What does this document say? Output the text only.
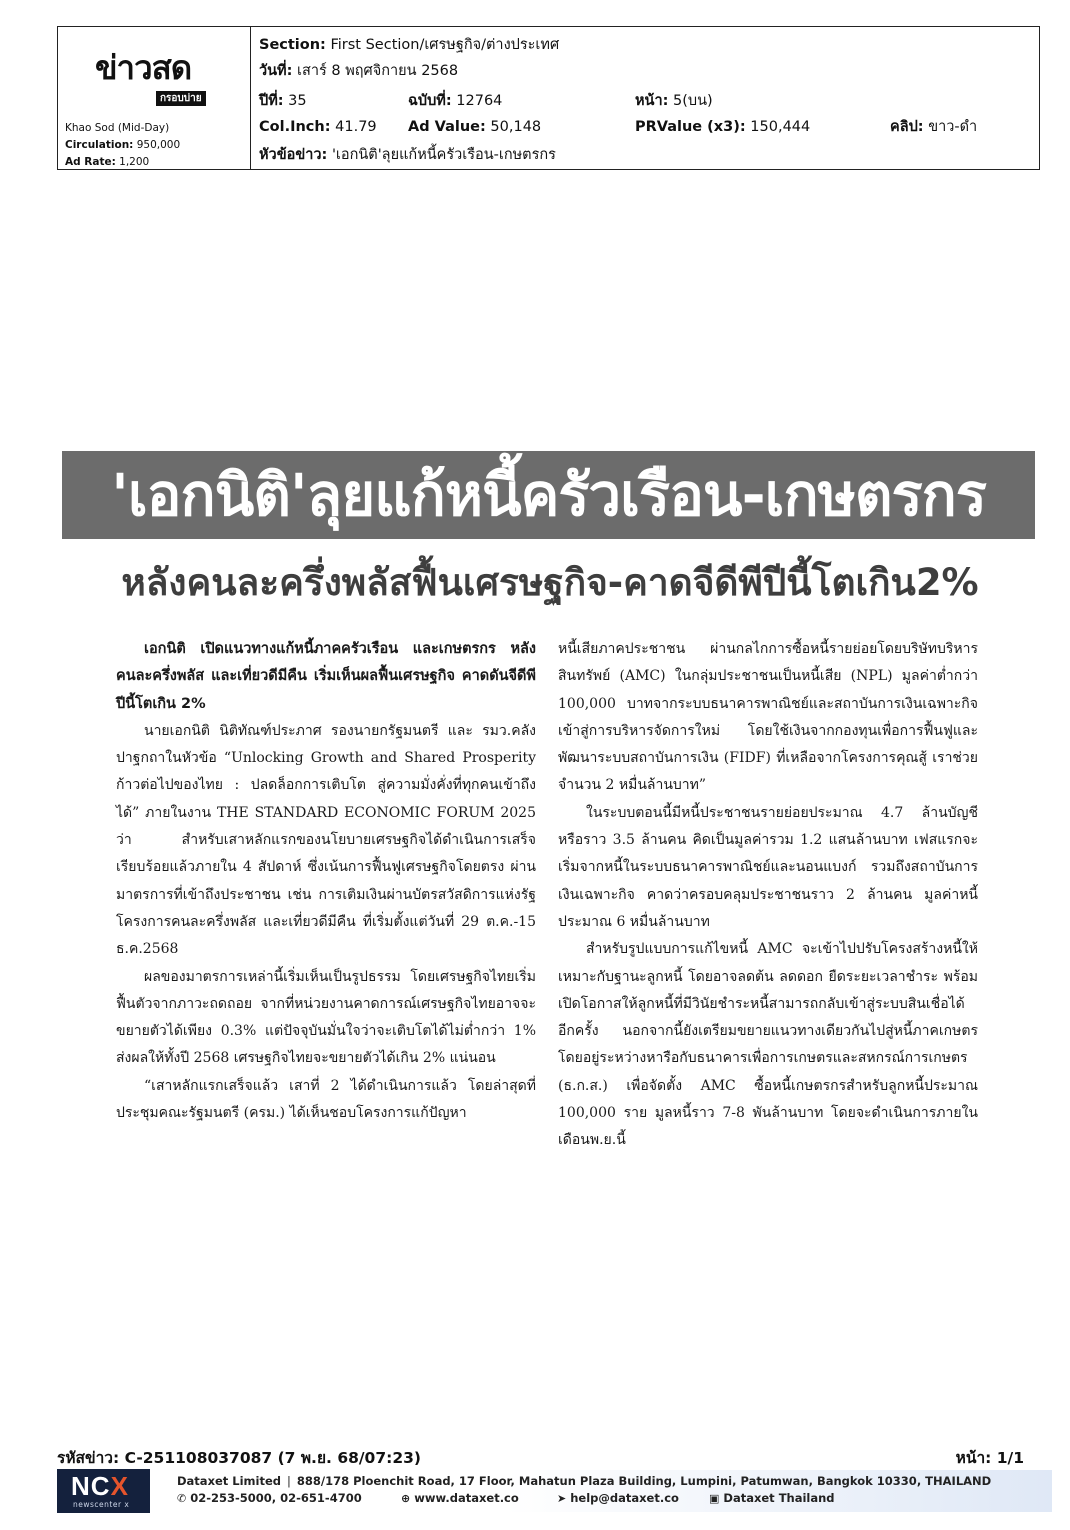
ข่าวสด
กรอบบ่าย
Khao Sod (Mid-Day)
Circulation: 950,000
Ad Rate: 1,200
Section: First Section/เศรษฐกิจ/ต่างประเทศ
วันที่: เสาร์ 8 พฤศจิกายน 2568
ปีที่: 35	ฉบับที่: 12764	หน้า: 5(บน)
Col.Inch: 41.79 Ad Value: 50,148	PRValue (x3): 150,444	คลิป: ขาว-ดำ
หัวข้อข่าว: 'เอกนิติ'ลุยแก้หนี้ครัวเรือน-เกษตรกร
'เอกนิติ'ลุยแก้หนี้ครัวเรือน-เกษตรกร
หลังคนละครึ่งพลัสฟื้นเศรษฐกิจ-คาดจีดีพีปีนี้โตเกิน2%

เอกนิติ เปิดแนวทางแก้หนี้ภาคครัวเรือน และเกษตรกร หลังคนละครึ่งพลัส และเที่ยวดีมีคืน เริ่มเห็นผลฟื้นเศรษฐกิจ คาดดันจีดีพีปีนี้โตเกิน 2%

นายเอกนิติ นิติทัณฑ์ประภาศ รองนายกรัฐมนตรี และ รมว.คลัง ปาฐกถาในหัวข้อ “Unlocking Growth and Shared Prosperity ก้าวต่อไปของไทย : ปลดล็อกการเติบโต สู่ความมั่งคั่งที่ทุกคนเข้าถึงได้” ภายในงาน THE STANDARD ECONOMIC FORUM 2025 ว่า สำหรับเสาหลักแรกของนโยบายเศรษฐกิจได้ดำเนินการเสร็จเรียบร้อยแล้วภายใน 4 สัปดาห์ ซึ่งเน้นการฟื้นฟูเศรษฐกิจโดยตรง ผ่านมาตรการที่เข้าถึงประชาชน เช่น การเติมเงินผ่านบัตรสวัสดิการแห่งรัฐ โครงการคนละครึ่งพลัส และเที่ยวดีมีคืน ที่เริ่มตั้งแต่วันที่ 29 ต.ค.-15 ธ.ค.2568

ผลของมาตรการเหล่านี้เริ่มเห็นเป็นรูปธรรม โดยเศรษฐกิจไทยเริ่มฟื้นตัวจากภาวะถดถอย จากที่หน่วยงานคาดการณ์เศรษฐกิจไทยอาจจะขยายตัวได้เพียง 0.3% แต่ปัจจุบันมั่นใจว่าจะเติบโตได้ไม่ต่ำกว่า 1% ส่งผลให้ทั้งปี 2568 เศรษฐกิจไทยจะขยายตัวได้เกิน 2% แน่นอน

“เสาหลักแรกเสร็จแล้ว เสาที่ 2 ได้ดำเนินการแล้ว โดยล่าสุดที่ประชุมคณะรัฐมนตรี (ครม.) ได้เห็นชอบโครงการแก้ปัญหา

หนี้เสียภาคประชาชน ผ่านกลไกการซื้อหนี้รายย่อยโดยบริษัทบริหารสินทรัพย์ (AMC) ในกลุ่มประชาชนเป็นหนี้เสีย (NPL) มูลค่าต่ำกว่า 100,000 บาทจากระบบธนาคารพาณิชย์และสถาบันการเงินเฉพาะกิจเข้าสู่การบริหารจัดการใหม่ โดยใช้เงินจากกองทุนเพื่อการฟื้นฟูและพัฒนาระบบสถาบันการเงิน (FIDF) ที่เหลือจากโครงการคุณสู้ เราช่วยจำนวน 2 หมื่นล้านบาท”

ในระบบตอนนี้มีหนี้ประชาชนรายย่อยประมาณ 4.7 ล้านบัญชี หรือราว 3.5 ล้านคน คิดเป็นมูลค่ารวม 1.2 แสนล้านบาท เฟสแรกจะเริ่มจากหนี้ในระบบธนาคารพาณิชย์และนอนแบงก์ รวมถึงสถาบันการเงินเฉพาะกิจ คาดว่าครอบคลุมประชาชนราว 2 ล้านคน มูลค่าหนี้ประมาณ 6 หมื่นล้านบาท

สำหรับรูปแบบการแก้ไขหนี้ AMC จะเข้าไปปรับโครงสร้างหนี้ให้เหมาะกับฐานะลูกหนี้ โดยอาจลดต้น ลดดอก ยืดระยะเวลาชำระ พร้อมเปิดโอกาสให้ลูกหนี้ที่มีวินัยชำระหนี้สามารถกลับเข้าสู่ระบบสินเชื่อได้อีกครั้ง นอกจากนี้ยังเตรียมขยายแนวทางเดียวกันไปสู่หนี้ภาคเกษตร โดยอยู่ระหว่างหารือกับธนาคารเพื่อการเกษตรและสหกรณ์การเกษตร (ธ.ก.ส.) เพื่อจัดตั้ง AMC ซื้อหนี้เกษตรกรสำหรับลูกหนี้ประมาณ 100,000 ราย มูลหนี้ราว 7-8 พันล้านบาท โดยจะดำเนินการภายในเดือนพ.ย.นี้

รหัสข่าว: C-251108037087 (7 พ.ย. 68/07:23)	หน้า: 1/1
NCX
newscenter x
Dataxet Limited | 888/178 Ploenchit Road, 17 Floor, Mahatun Plaza Building, Lumpini, Patumwan, Bangkok 10330, THAILAND
✆ 02-253-5000, 02-651-4700	⊕ www.dataxet.co	➤ help@dataxet.co	▣ Dataxet Thailand
